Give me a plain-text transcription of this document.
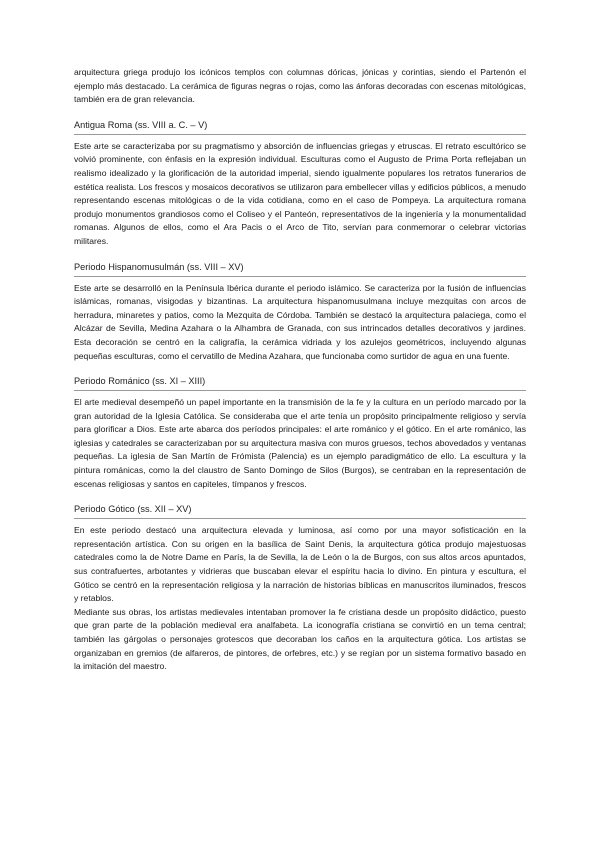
arquitectura griega produjo los icónicos templos con columnas dóricas, jónicas y corintias, siendo el Partenón el ejemplo más destacado. La cerámica de figuras negras o rojas, como las ánforas decoradas con escenas mitológicas, también era de gran relevancia.

Antigua Roma (ss. VIII a. C. – V)

Este arte se caracterizaba por su pragmatismo y absorción de influencias griegas y etruscas. El retrato escultórico se volvió prominente, con énfasis en la expresión individual. Esculturas como el Augusto de Prima Porta reflejaban un realismo idealizado y la glorificación de la autoridad imperial, siendo igualmente populares los retratos funerarios de estética realista. Los frescos y mosaicos decorativos se utilizaron para embellecer villas y edificios públicos, a menudo representando escenas mitológicas o de la vida cotidiana, como en el caso de Pompeya. La arquitectura romana produjo monumentos grandiosos como el Coliseo y el Panteón, representativos de la ingeniería y la monumentalidad romanas. Algunos de ellos, como el Ara Pacis o el Arco de Tito, servían para conmemorar o celebrar victorias militares.

Periodo Hispanomusulmán (ss. VIII – XV)

Este arte se desarrolló en la Península Ibérica durante el periodo islámico. Se caracteriza por la fusión de influencias islámicas, romanas, visigodas y bizantinas. La arquitectura hispanomusulmana incluye mezquitas con arcos de herradura, minaretes y patios, como la Mezquita de Córdoba. También se destacó la arquitectura palaciega, como el Alcázar de Sevilla, Medina Azahara o la Alhambra de Granada, con sus intrincados detalles decorativos y jardines. Esta decoración se centró en la caligrafía, la cerámica vidriada y los azulejos geométricos, incluyendo algunas pequeñas esculturas, como el cervatillo de Medina Azahara, que funcionaba como surtidor de agua en una fuente.

Periodo Románico (ss. XI – XIII)

El arte medieval desempeñó un papel importante en la transmisión de la fe y la cultura en un período marcado por la gran autoridad de la Iglesia Católica. Se consideraba que el arte tenía un propósito principalmente religioso y servía para glorificar a Dios. Este arte abarca dos períodos principales: el arte románico y el gótico. En el arte románico, las iglesias y catedrales se caracterizaban por su arquitectura masiva con muros gruesos, techos abovedados y ventanas pequeñas. La iglesia de San Martín de Frómista (Palencia) es un ejemplo paradigmático de ello. La escultura y la pintura románicas, como la del claustro de Santo Domingo de Silos (Burgos), se centraban en la representación de escenas religiosas y santos en capiteles, tímpanos y frescos.

Periodo Gótico (ss. XII – XV)

En este periodo destacó una arquitectura elevada y luminosa, así como por una mayor sofisticación en la representación artística. Con su origen en la basílica de Saint Denis, la arquitectura gótica produjo majestuosas catedrales como la de Notre Dame en París, la de Sevilla, la de León o la de Burgos, con sus altos arcos apuntados, sus contrafuertes, arbotantes y vidrieras que buscaban elevar el espíritu hacia lo divino. En pintura y escultura, el Gótico se centró en la representación religiosa y la narración de historias bíblicas en manuscritos iluminados, frescos y retablos.

Mediante sus obras, los artistas medievales intentaban promover la fe cristiana desde un propósito didáctico, puesto que gran parte de la población medieval era analfabeta. La iconografía cristiana se convirtió en un tema central; también las gárgolas o personajes grotescos que decoraban los caños en la arquitectura gótica. Los artistas se organizaban en gremios (de alfareros, de pintores, de orfebres, etc.) y se regían por un sistema formativo basado en la imitación del maestro.
